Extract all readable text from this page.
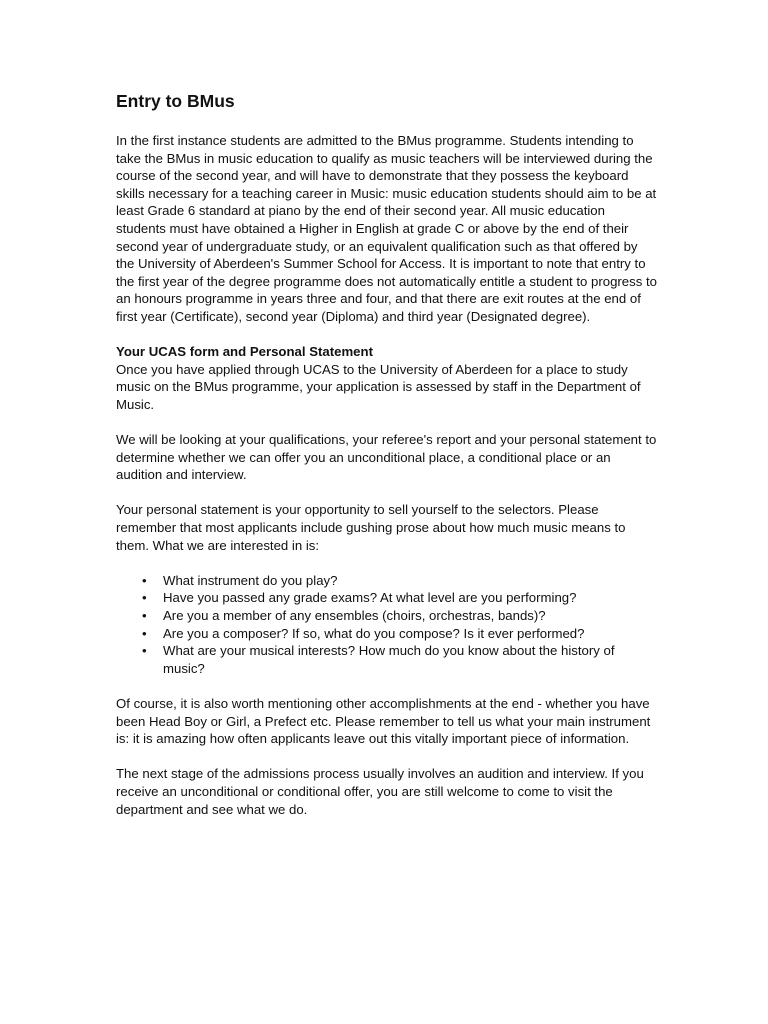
Entry to BMus

In the first instance students are admitted to the BMus programme. Students intending to take the BMus in music education to qualify as music teachers will be interviewed during the course of the second year, and will have to demonstrate that they possess the keyboard skills necessary for a teaching career in Music: music education students should aim to be at least Grade 6 standard at piano by the end of their second year. All music education students must have obtained a Higher in English at grade C or above by the end of their second year of undergraduate study, or an equivalent qualification such as that offered by the University of Aberdeen's Summer School for Access. It is important to note that entry to the first year of the degree programme does not automatically entitle a student to progress to an honours programme in years three and four, and that there are exit routes at the end of first year (Certificate), second year (Diploma) and third year (Designated degree).

Your UCAS form and Personal Statement
Once you have applied through UCAS to the University of Aberdeen for a place to study music on the BMus programme, your application is assessed by staff in the Department of Music.

We will be looking at your qualifications, your referee's report and your personal statement to determine whether we can offer you an unconditional place, a conditional place or an audition and interview.

Your personal statement is your opportunity to sell yourself to the selectors. Please remember that most applicants include gushing prose about how much music means to them. What we are interested in is:

• What instrument do you play?
• Have you passed any grade exams? At what level are you performing?
• Are you a member of any ensembles (choirs, orchestras, bands)?
• Are you a composer? If so, what do you compose? Is it ever performed?
• What are your musical interests? How much do you know about the history of music?

Of course, it is also worth mentioning other accomplishments at the end - whether you have been Head Boy or Girl, a Prefect etc. Please remember to tell us what your main instrument is: it is amazing how often applicants leave out this vitally important piece of information.

The next stage of the admissions process usually involves an audition and interview. If you receive an unconditional or conditional offer, you are still welcome to come to visit the department and see what we do.
